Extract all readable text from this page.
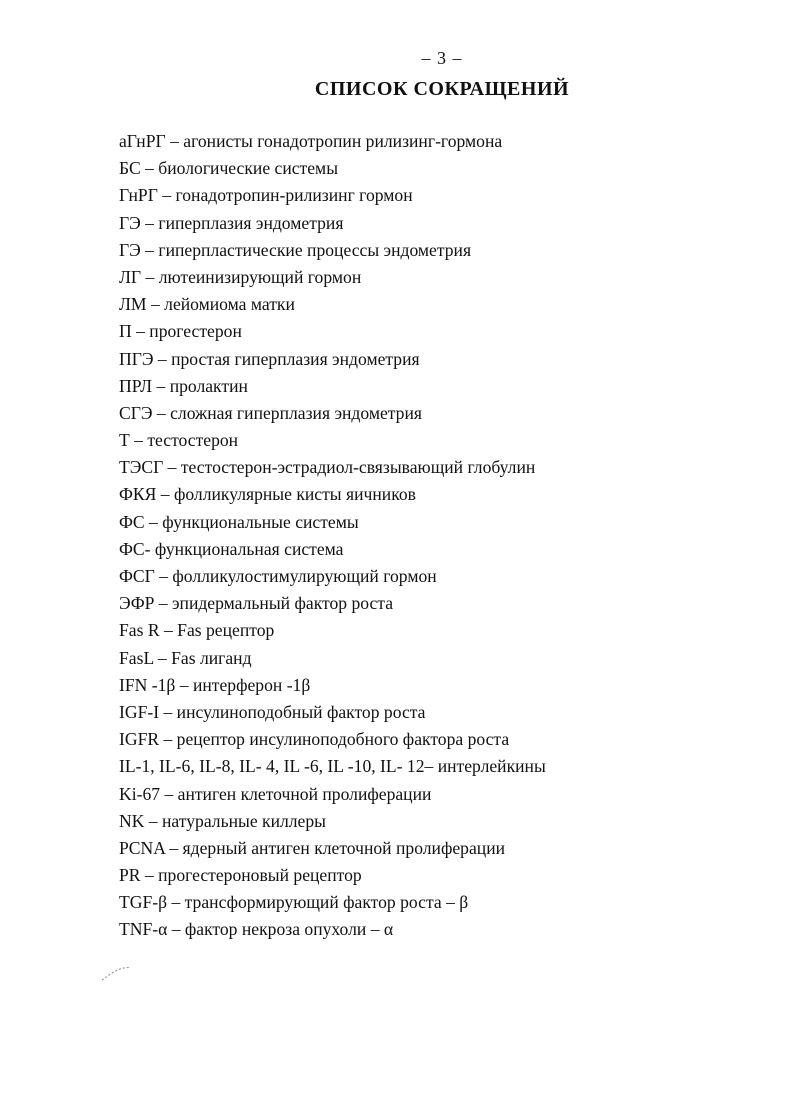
– 3 –
СПИСОК СОКРАЩЕНИЙ
аГнРГ – агонисты гонадотропин рилизинг-гормона
БС – биологические системы
ГнРГ – гонадотропин-рилизинг гормон
ГЭ – гиперплазия эндометрия
ГЭ – гиперпластические процессы эндометрия
ЛГ – лютеинизирующий гормон
ЛМ – лейомиома матки
П – прогестерон
ПГЭ – простая гиперплазия эндометрия
ПРЛ – пролактин
СГЭ – сложная гиперплазия эндометрия
Т – тестостерон
ТЭСГ – тестостерон-эстрадиол-связывающий глобулин
ФКЯ – фолликулярные кисты яичников
ФС – функциональные системы
ФС- функциональная система
ФСГ – фолликулостимулирующий гормон
ЭФР – эпидермальный фактор роста
Fas R – Fas рецептор
FasL – Fas лиганд
IFN -1β – интерферон -1β
IGF-I – инсулиноподобный фактор роста
IGFR – рецептор инсулиноподобного фактора роста
IL-1, IL-6, IL-8, IL- 4, IL -6, IL -10, IL- 12– интерлейкины
Ki-67 – антиген клеточной пролиферации
NK – натуральные киллеры
PCNA – ядерный антиген клеточной пролиферации
PR – прогестероновый рецептор
TGF-β – трансформирующий фактор роста – β
TNF-α – фактор некроза опухоли – α
